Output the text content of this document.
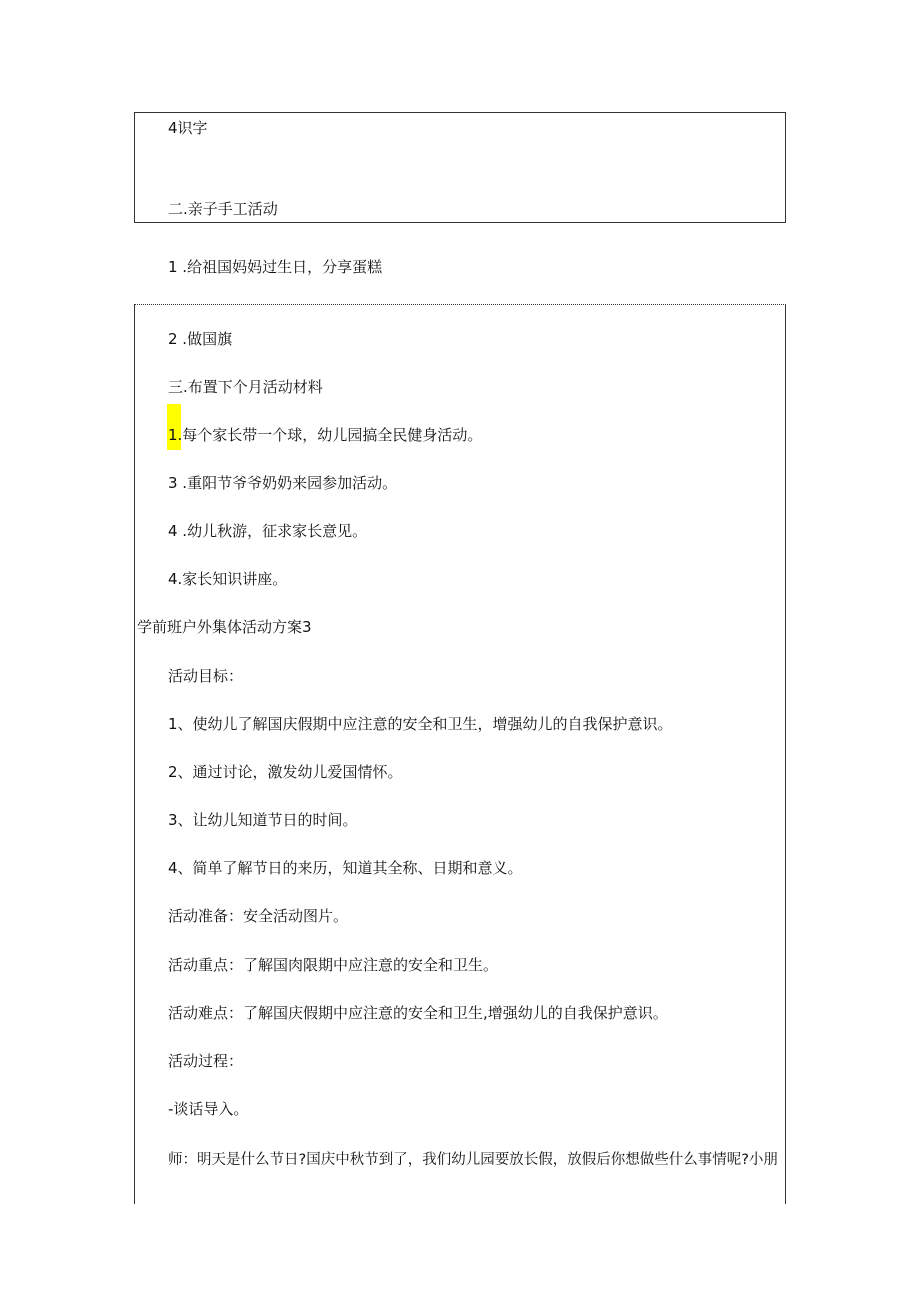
4识字
二.亲子手工活动
1 .给祖国妈妈过生日，分享蛋糕
2 .做国旗
三.布置下个月活动材料
1.每个家长带一个球，幼儿园搞全民健身活动。
3 .重阳节爷爷奶奶来园参加活动。
4 .幼儿秋游，征求家长意见。
4.家长知识讲座。
学前班户外集体活动方案3
活动目标：
1、使幼儿了解国庆假期中应注意的安全和卫生，增强幼儿的自我保护意识。
2、通过讨论，激发幼儿爱国情怀。
3、让幼儿知道节日的时间。
4、简单了解节日的来历，知道其全称、日期和意义。
活动准备：安全活动图片。
活动重点：了解国肉限期中应注意的安全和卫生。
活动难点：了解国庆假期中应注意的安全和卫生,增强幼儿的自我保护意识。
活动过程：
-谈话导入。
师：明天是什么节日?国庆中秋节到了，我们幼儿园要放长假，放假后你想做些什么事情呢?小朋
